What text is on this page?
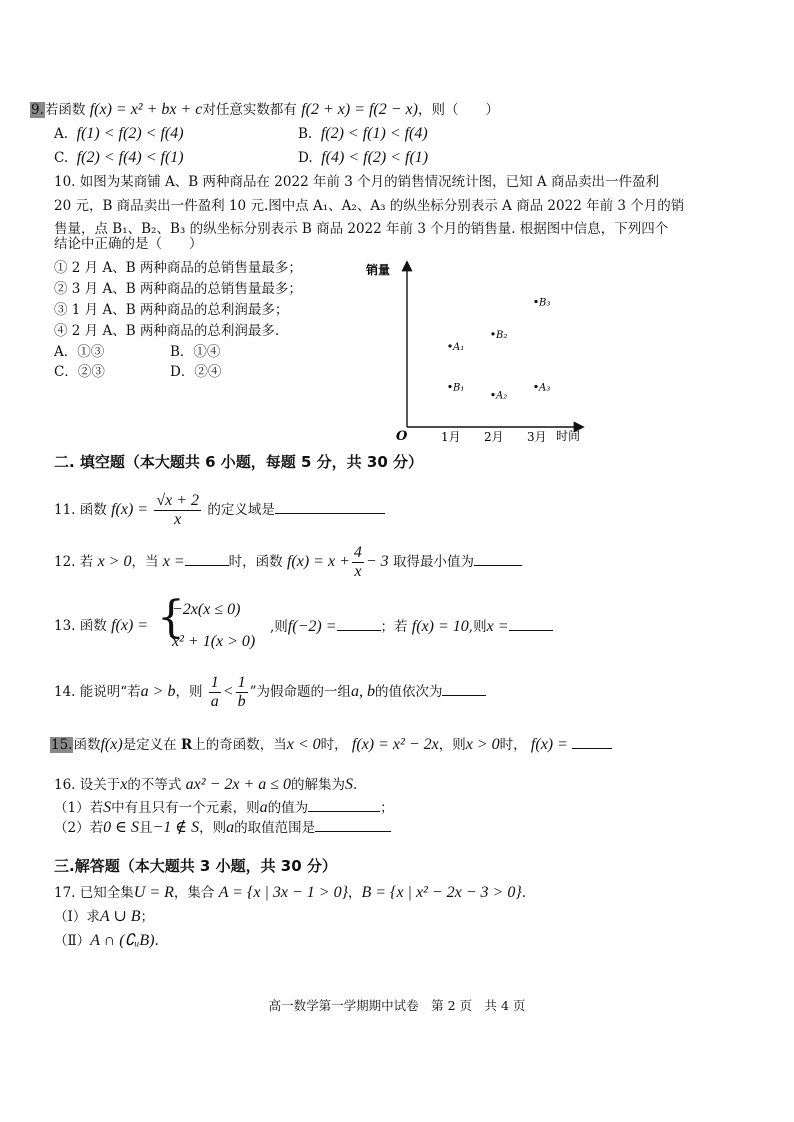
9.若函数 f(x) = x² + bx + c对任意实数都有 f(2 + x) = f(2 − x)，则（　　）
A. f(1) < f(2) < f(4)	B. f(2) < f(1) < f(4)
C. f(2) < f(4) < f(1)	D. f(4) < f(2) < f(1)
10. 如图为某商铺 A、B 两种商品在 2022 年前 3 个月的销售情况统计图，已知 A 商品卖出一件盈利
20 元，B 商品卖出一件盈利 10 元.图中点 A₁、A₂、A₃ 的纵坐标分别表示 A 商品 2022 年前 3 个月的销
售量，点 B₁、B₂、B₃ 的纵坐标分别表示 B 商品 2022 年前 3 个月的销售量. 根据图中信息，下列四个
结论中正确的是（　　）
① 2 月 A、B 两种商品的总销售量最多；
② 3 月 A、B 两种商品的总销售量最多；
③ 1 月 A、B 两种商品的总利润最多；
④ 2 月 A、B 两种商品的总利润最多.
A．①③	B．①④
C．②③	D．②④
销量
O	时间
1月 2月 3月
A₁
A₂
A₃
B₁
B₂
B₃
二. 填空题（本大题共 6 小题，每题 5 分，共 30 分）
11. 函数 $f(x) = \frac{√x + 2}{x}$ 的定义域是
12. 若 x > 0，当 x =	时，函数 $f(x) = x + \frac{4}{x} - 3$ 取得最小值为
13. 函数 f(x) = {
−2x(x ≤ 0)
x² + 1(x > 0)
,则f(−2) =	；若 f(x) = 10,则x =
14. 能说明“若a > b，则 $\frac{1}{a} < \frac{1}{b}$ ”为假命题的一组a, b的值依次为
15.函数f(x)是定义在 R上的奇函数，当x < 0时， f(x) = x² − 2x，则x > 0时， f(x) =
16. 设关于x的不等式 ax² − 2x + a ≤ 0的解集为S.
（1）若S中有且只有一个元素，则a的值为	；
（2）若0 ∈ S且−1 ∉ S，则a的取值范围是
三.解答题（本大题共 3 小题，共 30 分）
17. 已知全集U = R，集合 A = {x | 3x − 1 > 0}，B = {x | x² − 2x − 3 > 0}.
（Ⅰ）求A ∪ B；
（Ⅱ）A ∩ (∁ᵤB).
高一数学第一学期期中试卷　第 2 页　共 4 页
